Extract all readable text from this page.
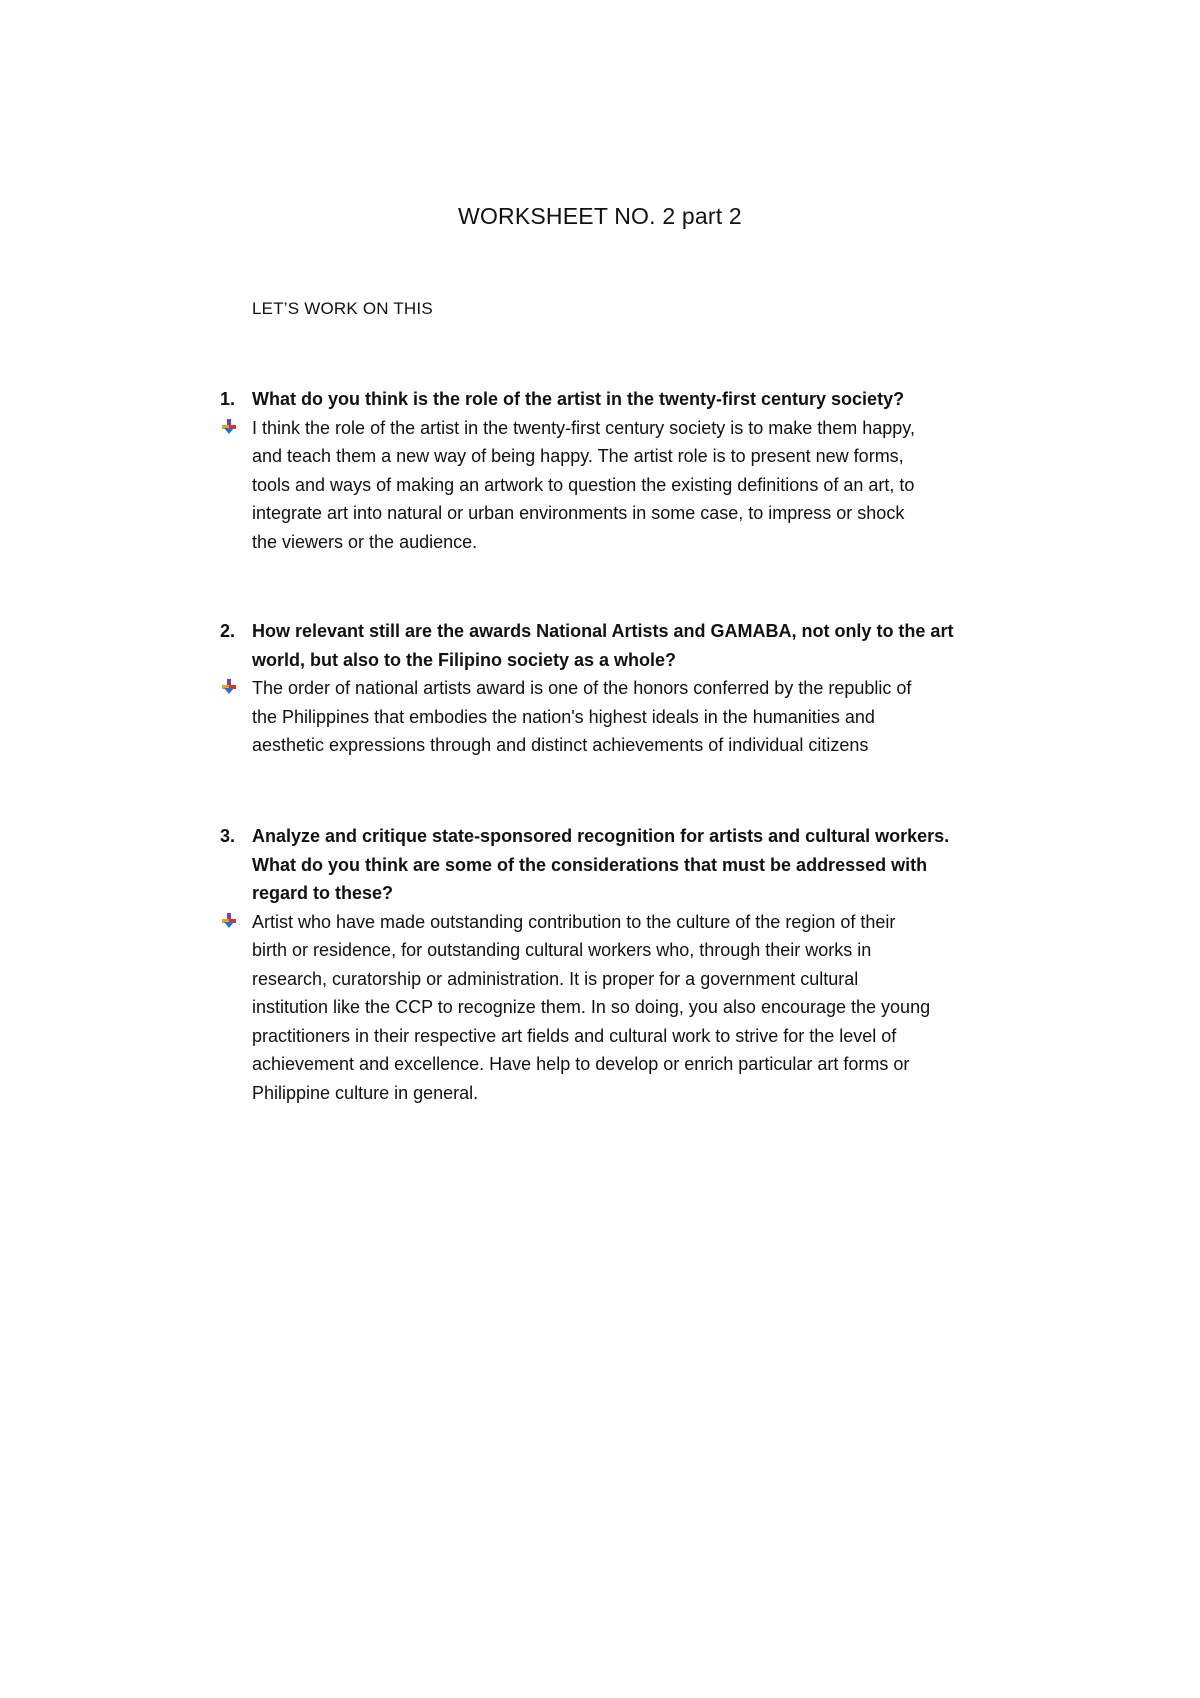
WORKSHEET NO. 2 part 2
LET’S WORK ON THIS
1. What do you think is the role of the artist in the twenty-first century society?
I think the role of the artist in the twenty-first century society is to make them happy,
and teach them a new way of being happy. The artist role is to present new forms,
tools and ways of making an artwork to question the existing definitions of an art, to
integrate art into natural or urban environments in some case, to impress or shock
the viewers or the audience.
2. How relevant still are the awards National Artists and GAMABA, not only to the art
world, but also to the Filipino society as a whole?
The order of national artists award is one of the honors conferred by the republic of
the Philippines that embodies the nation's highest ideals in the humanities and
aesthetic expressions through and distinct achievements of individual citizens
3. Analyze and critique state-sponsored recognition for artists and cultural workers.
What do you think are some of the considerations that must be addressed with
regard to these?
Artist who have made outstanding contribution to the culture of the region of their
birth or residence, for outstanding cultural workers who, through their works in
research, curatorship or administration. It is proper for a government cultural
institution like the CCP to recognize them. In so doing, you also encourage the young
practitioners in their respective art fields and cultural work to strive for the level of
achievement and excellence. Have help to develop or enrich particular art forms or
Philippine culture in general.
